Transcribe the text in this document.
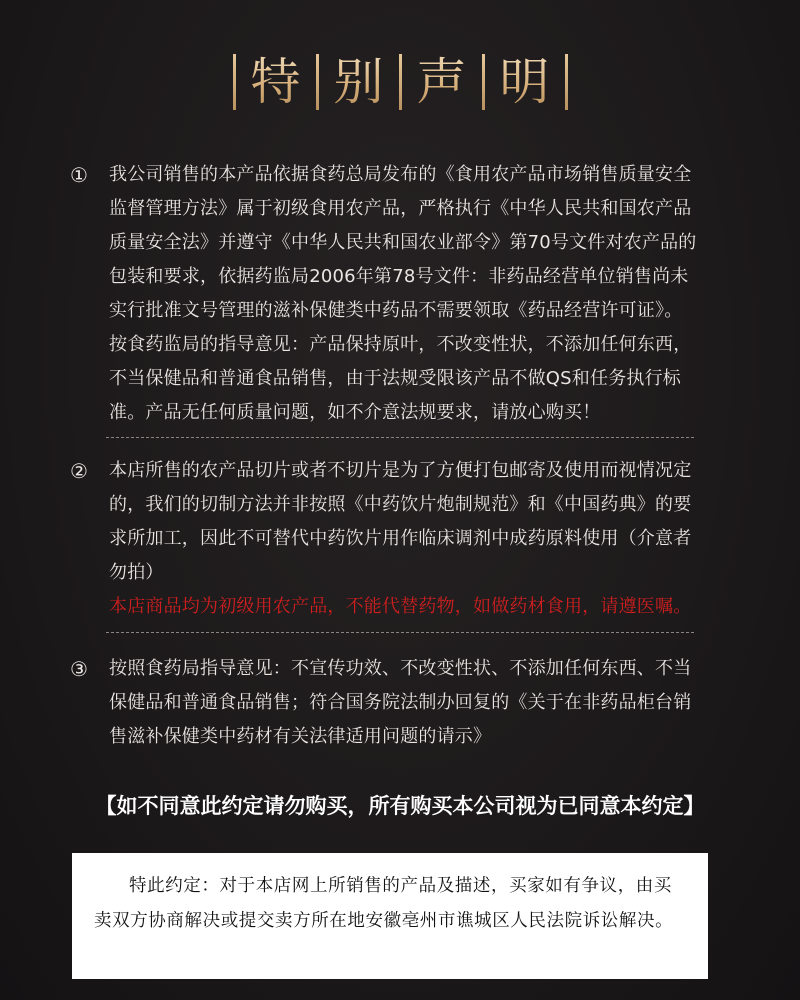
特 别 声 明
① 我公司销售的本产品依据食药总局发布的《食用农产品市场销售质量安全监督管理方法》属于初级食用农产品，严格执行《中华人民共和国农产品质量安全法》并遵守《中华人民共和国农业部令》第70号文件对农产品的包装和要求，依据药监局2006年第78号文件：非药品经营单位销售尚未实行批准文号管理的滋补保健类中药品不需要领取《药品经营许可证》。按食药监局的指导意见：产品保持原叶，不改变性状，不添加任何东西，不当保健品和普通食品销售，由于法规受限该产品不做QS和任务执行标准。产品无任何质量问题，如不介意法规要求，请放心购买！
② 本店所售的农产品切片或者不切片是为了方便打包邮寄及使用而视情况定的，我们的切制方法并非按照《中药饮片炮制规范》和《中国药典》的要求所加工，因此不可替代中药饮片用作临床调剂中成药原料使用（介意者勿拍）
本店商品均为初级用农产品，不能代替药物，如做药材食用，请遵医嘱。
③ 按照食药局指导意见：不宣传功效、不改变性状、不添加任何东西、不当保健品和普通食品销售；符合国务院法制办回复的《关于在非药品柜台销售滋补保健类中药材有关法律适用问题的请示》
【如不同意此约定请勿购买，所有购买本公司视为已同意本约定】
特此约定：对于本店网上所销售的产品及描述，买家如有争议，由买卖双方协商解决或提交卖方所在地安徽亳州市谯城区人民法院诉讼解决。
